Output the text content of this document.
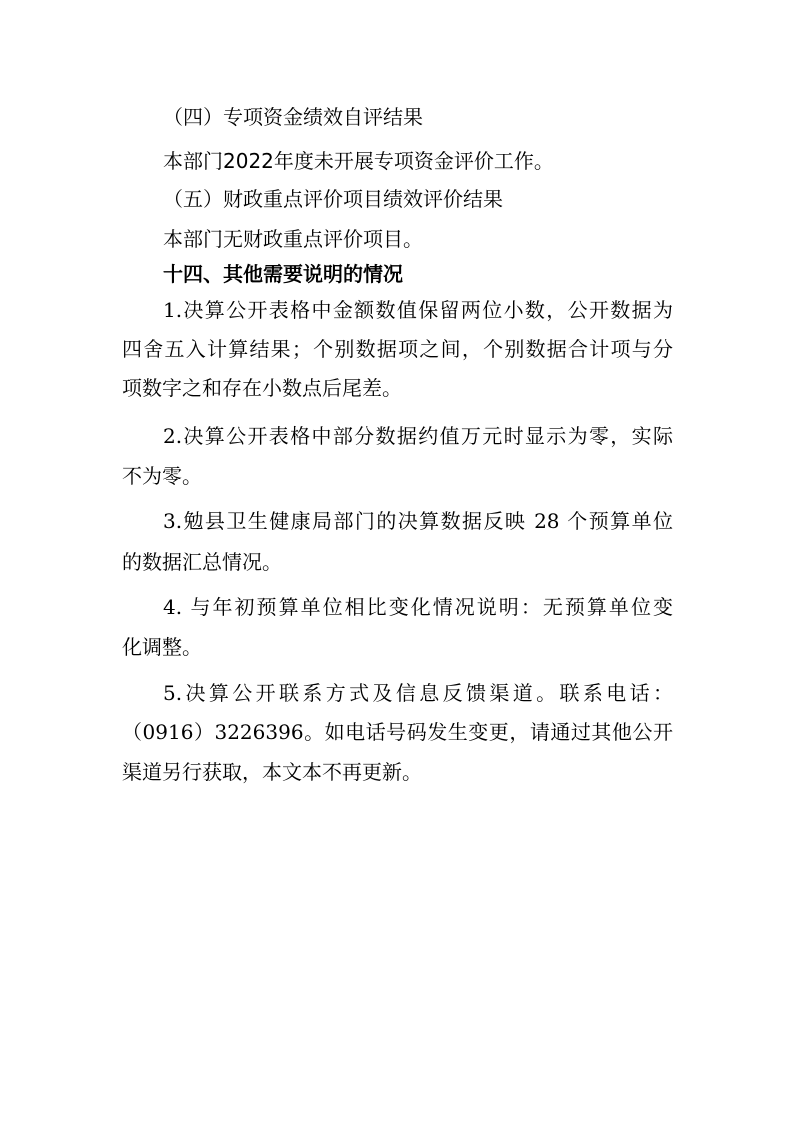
（四）专项资金绩效自评结果
本部门2022年度未开展专项资金评价工作。
（五）财政重点评价项目绩效评价结果
本部门无财政重点评价项目。
十四、其他需要说明的情况
1.决算公开表格中金额数值保留两位小数，公开数据为
四舍五入计算结果；个别数据项之间，个别数据合计项与分
项数字之和存在小数点后尾差。
2.决算公开表格中部分数据约值万元时显示为零，实际
不为零。
3.勉县卫生健康局部门的决算数据反映 28 个预算单位
的数据汇总情况。
4. 与年初预算单位相比变化情况说明：无预算单位变
化调整。
5.决算公开联系方式及信息反馈渠道。联系电话：
（0916）3226396。如电话号码发生变更，请通过其他公开
渠道另行获取，本文本不再更新。
